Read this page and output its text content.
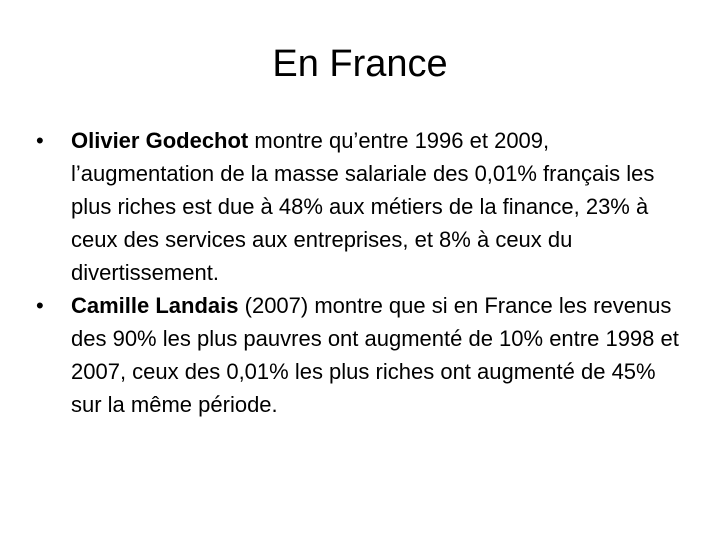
En France
•	Olivier Godechot montre qu’entre 1996 et 2009, l’augmentation de la masse salariale des 0,01% français les plus riches est due à 48% aux métiers de la finance, 23% à ceux des services aux entreprises, et 8% à ceux du divertissement.
•	Camille Landais (2007) montre que si en France les revenus des 90% les plus pauvres ont augmenté de 10% entre 1998 et 2007, ceux des 0,01% les plus riches ont augmenté de 45% sur la même période.
